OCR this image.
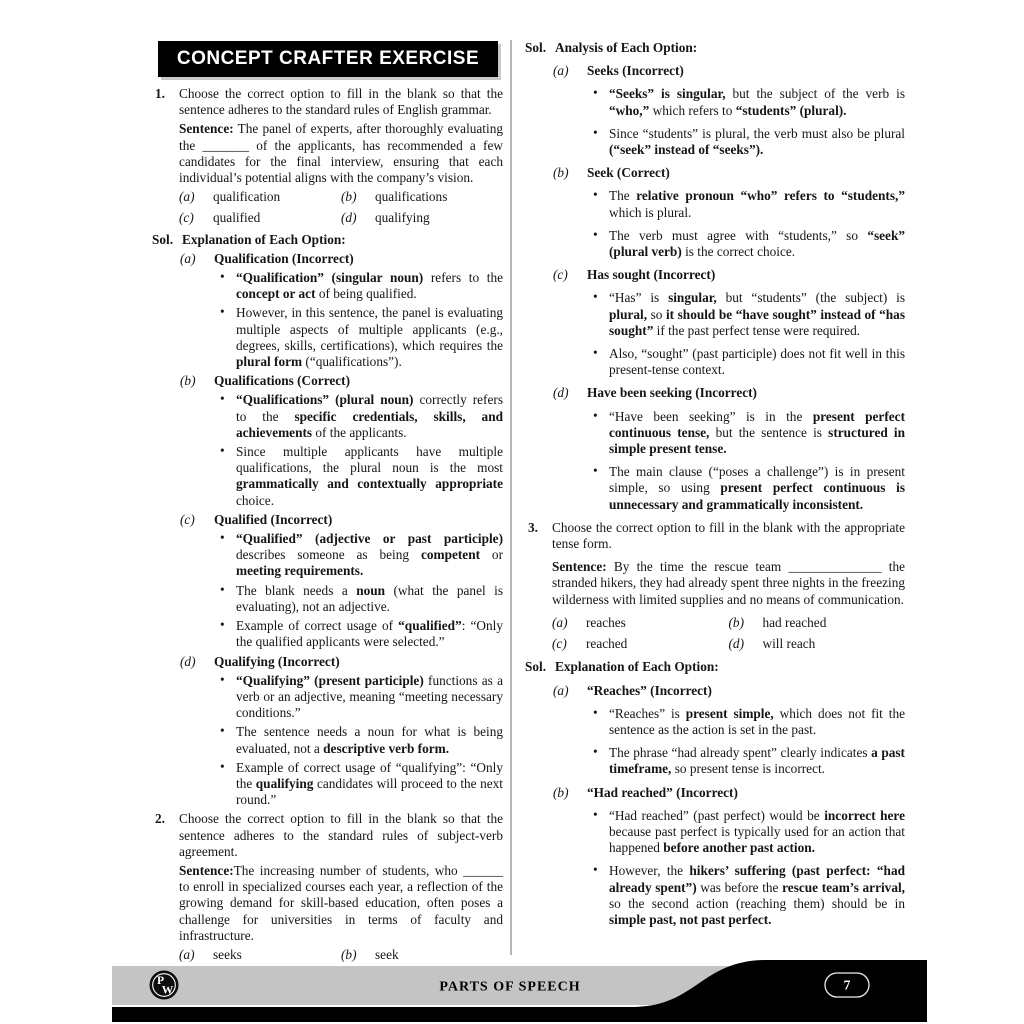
CONCEPT CRAFTER EXERCISE
1. Choose the correct option to fill in the blank so that the sentence adheres to the standard rules of English grammar.
Sentence: The panel of experts, after thoroughly evaluating the _______ of the applicants, has recommended a few candidates for the final interview, ensuring that each individual’s potential aligns with the company’s vision.
(a)	qualification	(b)	qualifications
(c)	qualified	(d)	qualifying
Sol. Explanation of Each Option:
(a) Qualification (Incorrect)
• “Qualification” (singular noun) refers to the concept or act of being qualified.
• However, in this sentence, the panel is evaluating multiple aspects of multiple applicants (e.g., degrees, skills, certifications), which requires the plural form (“qualifications”).
(b) Qualifications (Correct)
• “Qualifications” (plural noun) correctly refers to the specific credentials, skills, and achievements of the applicants.
• Since multiple applicants have multiple qualifications, the plural noun is the most grammatically and contextually appropriate choice.
(c) Qualified (Incorrect)
• “Qualified” (adjective or past participle) describes someone as being competent or meeting requirements.
• The blank needs a noun (what the panel is evaluating), not an adjective.
• Example of correct usage of “qualified”: “Only the qualified applicants were selected.”
(d) Qualifying (Incorrect)
• “Qualifying” (present participle) functions as a verb or an adjective, meaning “meeting necessary conditions.”
• The sentence needs a noun for what is being evaluated, not a descriptive verb form.
• Example of correct usage of “qualifying”: “Only the qualifying candidates will proceed to the next round.”
2. Choose the correct option to fill in the blank so that the sentence adheres to the standard rules of subject-verb agreement.
Sentence:The increasing number of students, who ______ to enroll in specialized courses each year, a reflection of the growing demand for skill-based education, often poses a challenge for universities in terms of faculty and infrastructure.
(a)	seeks	(b)	seek
Sol. Analysis of Each Option:
(a) Seeks (Incorrect)
• “Seeks” is singular, but the subject of the verb is “who,” which refers to “students” (plural).
• Since “students” is plural, the verb must also be plural (“seek” instead of “seeks”).
(b) Seek (Correct)
• The relative pronoun “who” refers to “students,” which is plural.
• The verb must agree with “students,” so “seek” (plural verb) is the correct choice.
(c) Has sought (Incorrect)
• “Has” is singular, but “students” (the subject) is plural, so it should be “have sought” instead of “has sought” if the past perfect tense were required.
• Also, “sought” (past participle) does not fit well in this present-tense context.
(d) Have been seeking (Incorrect)
• “Have been seeking” is in the present perfect continuous tense, but the sentence is structured in simple present tense.
• The main clause (“poses a challenge”) is in present simple, so using present perfect continuous is unnecessary and grammatically inconsistent.
3. Choose the correct option to fill in the blank with the appropriate tense form.
Sentence: By the time the rescue team ______________ the stranded hikers, they had already spent three nights in the freezing wilderness with limited supplies and no means of communication.
(a)	reaches	(b)	had reached
(c)	reached	(d)	will reach
Sol. Explanation of Each Option:
(a) “Reaches” (Incorrect)
• “Reaches” is present simple, which does not fit the sentence as the action is set in the past.
• The phrase “had already spent” clearly indicates a past timeframe, so present tense is incorrect.
(b) “Had reached” (Incorrect)
• “Had reached” (past perfect) would be incorrect here because past perfect is typically used for an action that happened before another past action.
• However, the hikers’ suffering (past perfect: “had already spent”) was before the rescue team’s arrival, so the second action (reaching them) should be in simple past, not past perfect.
P
W	PARTS OF SPEECH	7
